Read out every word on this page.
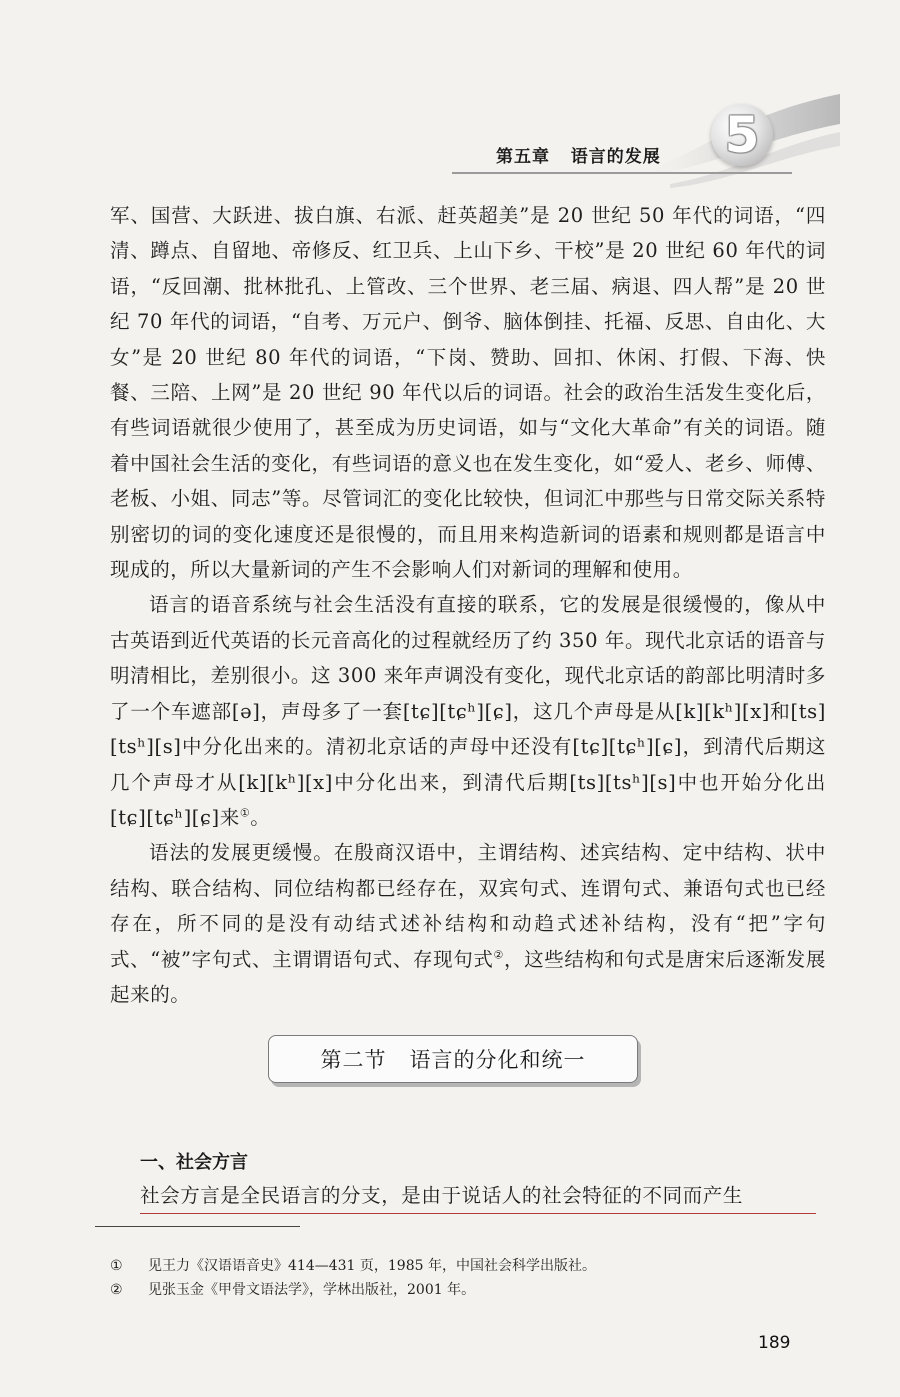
第五章   语言的发展 5

军、国营、大跃进、拔白旗、右派、赶英超美”是 20 世纪 50 年代的词语，“四清、蹲点、自留地、帝修反、红卫兵、上山下乡、干校”是 20 世纪 60 年代的词语，“反回潮、批林批孔、上管改、三个世界、老三届、病退、四人帮”是 20 世纪 70 年代的词语，“自考、万元户、倒爷、脑体倒挂、托福、反思、自由化、大女”是 20 世纪 80 年代的词语，“下岗、赞助、回扣、休闲、打假、下海、快餐、三陪、上网”是 20 世纪 90 年代以后的词语。社会的政治生活发生变化后，有些词语就很少使用了，甚至成为历史词语，如与“文化大革命”有关的词语。随着中国社会生活的变化，有些词语的意义也在发生变化，如“爱人、老乡、师傅、老板、小姐、同志”等。尽管词汇的变化比较快，但词汇中那些与日常交际关系特别密切的词的变化速度还是很慢的，而且用来构造新词的语素和规则都是语言中现成的，所以大量新词的产生不会影响人们对新词的理解和使用。

语言的语音系统与社会生活没有直接的联系，它的发展是很缓慢的，像从中古英语到近代英语的长元音高化的过程就经历了约 350 年。现代北京话的语音与明清相比，差别很小。这 300 来年声调没有变化，现代北京话的韵部比明清时多了一个车遮部[ə]，声母多了一套[tɕ][tɕʰ][ɕ]，这几个声母是从[k][kʰ][x]和[ts][tsʰ][s]中分化出来的。清初北京话的声母中还没有[tɕ][tɕʰ][ɕ]，到清代后期这几个声母才从[k][kʰ][x]中分化出来，到清代后期[ts][tsʰ][s]中也开始分化出[tɕ][tɕʰ][ɕ]来①。

语法的发展更缓慢。在殷商汉语中，主谓结构、述宾结构、定中结构、状中结构、联合结构、同位结构都已经存在，双宾句式、连谓句式、兼语句式也已经存在，所不同的是没有动结式述补结构和动趋式述补结构，没有“把”字句式、“被”字句式、主谓谓语句式、存现句式②，这些结构和句式是唐宋后逐渐发展起来的。

第二节   语言的分化和统一
一、社会方言
社会方言是全民语言的分支，是由于说话人的社会特征的不同而产生
①	见王力《汉语语音史》414—431 页，1985 年，中国社会科学出版社。
②	见张玉金《甲骨文语法学》，学林出版社，2001 年。
189
